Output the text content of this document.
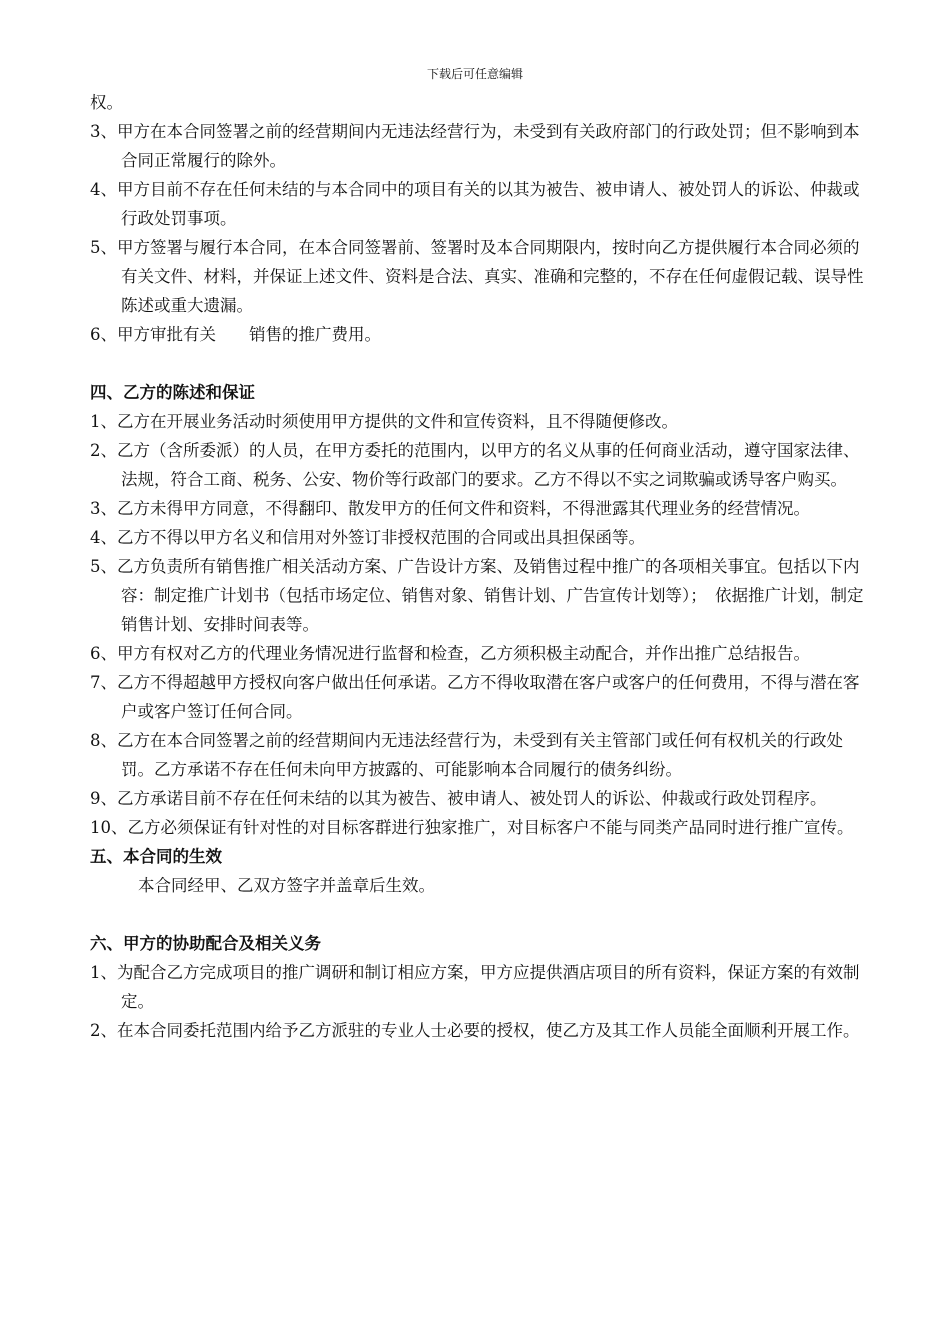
下载后可任意编辑

权。

3、甲方在本合同签署之前的经营期间内无违法经营行为，未受到有关政府部门的行政处罚；但不影响到本合同正常履行的除外。

4、甲方目前不存在任何未结的与本合同中的项目有关的以其为被告、被申请人、被处罚人的诉讼、仲裁或行政处罚事项。

5、甲方签署与履行本合同，在本合同签署前、签署时及本合同期限内，按时向乙方提供履行本合同必须的有关文件、材料，并保证上述文件、资料是合法、真实、准确和完整的，不存在任何虚假记载、误导性陈述或重大遗漏。

6、甲方审批有关　　销售的推广费用。

四、乙方的陈述和保证

1、乙方在开展业务活动时须使用甲方提供的文件和宣传资料，且不得随便修改。

2、乙方（含所委派）的人员，在甲方委托的范围内，以甲方的名义从事的任何商业活动，遵守国家法律、法规，符合工商、税务、公安、物价等行政部门的要求。乙方不得以不实之词欺骗或诱导客户购买。

3、乙方未得甲方同意，不得翻印、散发甲方的任何文件和资料，不得泄露其代理业务的经营情况。

4、乙方不得以甲方名义和信用对外签订非授权范围的合同或出具担保函等。

5、乙方负责所有销售推广相关活动方案、广告设计方案、及销售过程中推广的各项相关事宜。包括以下内容：制定推广计划书（包括市场定位、销售对象、销售计划、广告宣传计划等）；　依据推广计划，制定销售计划、安排时间表等。

6、甲方有权对乙方的代理业务情况进行监督和检查，乙方须积极主动配合，并作出推广总结报告。

7、乙方不得超越甲方授权向客户做出任何承诺。乙方不得收取潜在客户或客户的任何费用，不得与潜在客户或客户签订任何合同。

8、乙方在本合同签署之前的经营期间内无违法经营行为，未受到有关主管部门或任何有权机关的行政处罚。乙方承诺不存在任何未向甲方披露的、可能影响本合同履行的债务纠纷。

9、乙方承诺目前不存在任何未结的以其为被告、被申请人、被处罚人的诉讼、仲裁或行政处罚程序。

10、乙方必须保证有针对性的对目标客群进行独家推广，对目标客户不能与同类产品同时进行推广宣传。

五、本合同的生效

本合同经甲、乙双方签字并盖章后生效。

六、甲方的协助配合及相关义务

1、为配合乙方完成项目的推广调研和制订相应方案，甲方应提供酒店项目的所有资料，保证方案的有效制定。

2、在本合同委托范围内给予乙方派驻的专业人士必要的授权，使乙方及其工作人员能全面顺利开展工作。
